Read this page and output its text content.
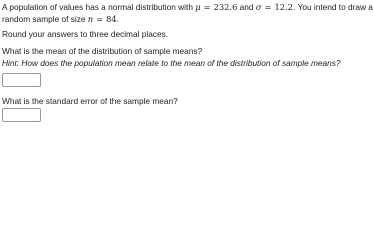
A population of values has a normal distribution with μ = 232.6 and σ = 12.2. You intend to draw a
random sample of size n = 84.
Round your answers to three decimal places.
What is the mean of the distribution of sample means?
Hint: How does the population mean relate to the mean of the distribution of sample means?
What is the standard error of the sample mean?
